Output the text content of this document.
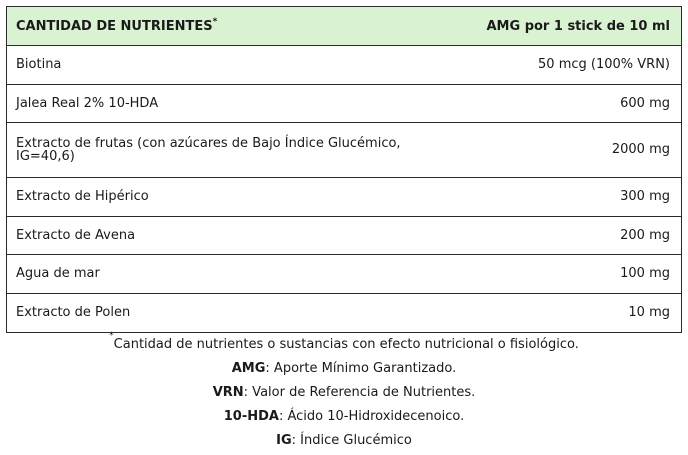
CANTIDAD DE NUTRIENTES*	AMG por 1 stick de 10 ml
Biotina	50 mcg (100% VRN)
Jalea Real 2% 10-HDA	600 mg
Extracto de frutas (con azúcares de Bajo Índice Glucémico, IG=40,6)	2000 mg
Extracto de Hipérico	300 mg
Extracto de Avena	200 mg
Agua de mar	100 mg
Extracto de Polen	10 mg
*Cantidad de nutrientes o sustancias con efecto nutricional o fisiológico.
AMG: Aporte Mínimo Garantizado.
VRN: Valor de Referencia de Nutrientes.
10-HDA: Ácido 10-Hidroxidecenoico.
IG: Índice Glucémico
